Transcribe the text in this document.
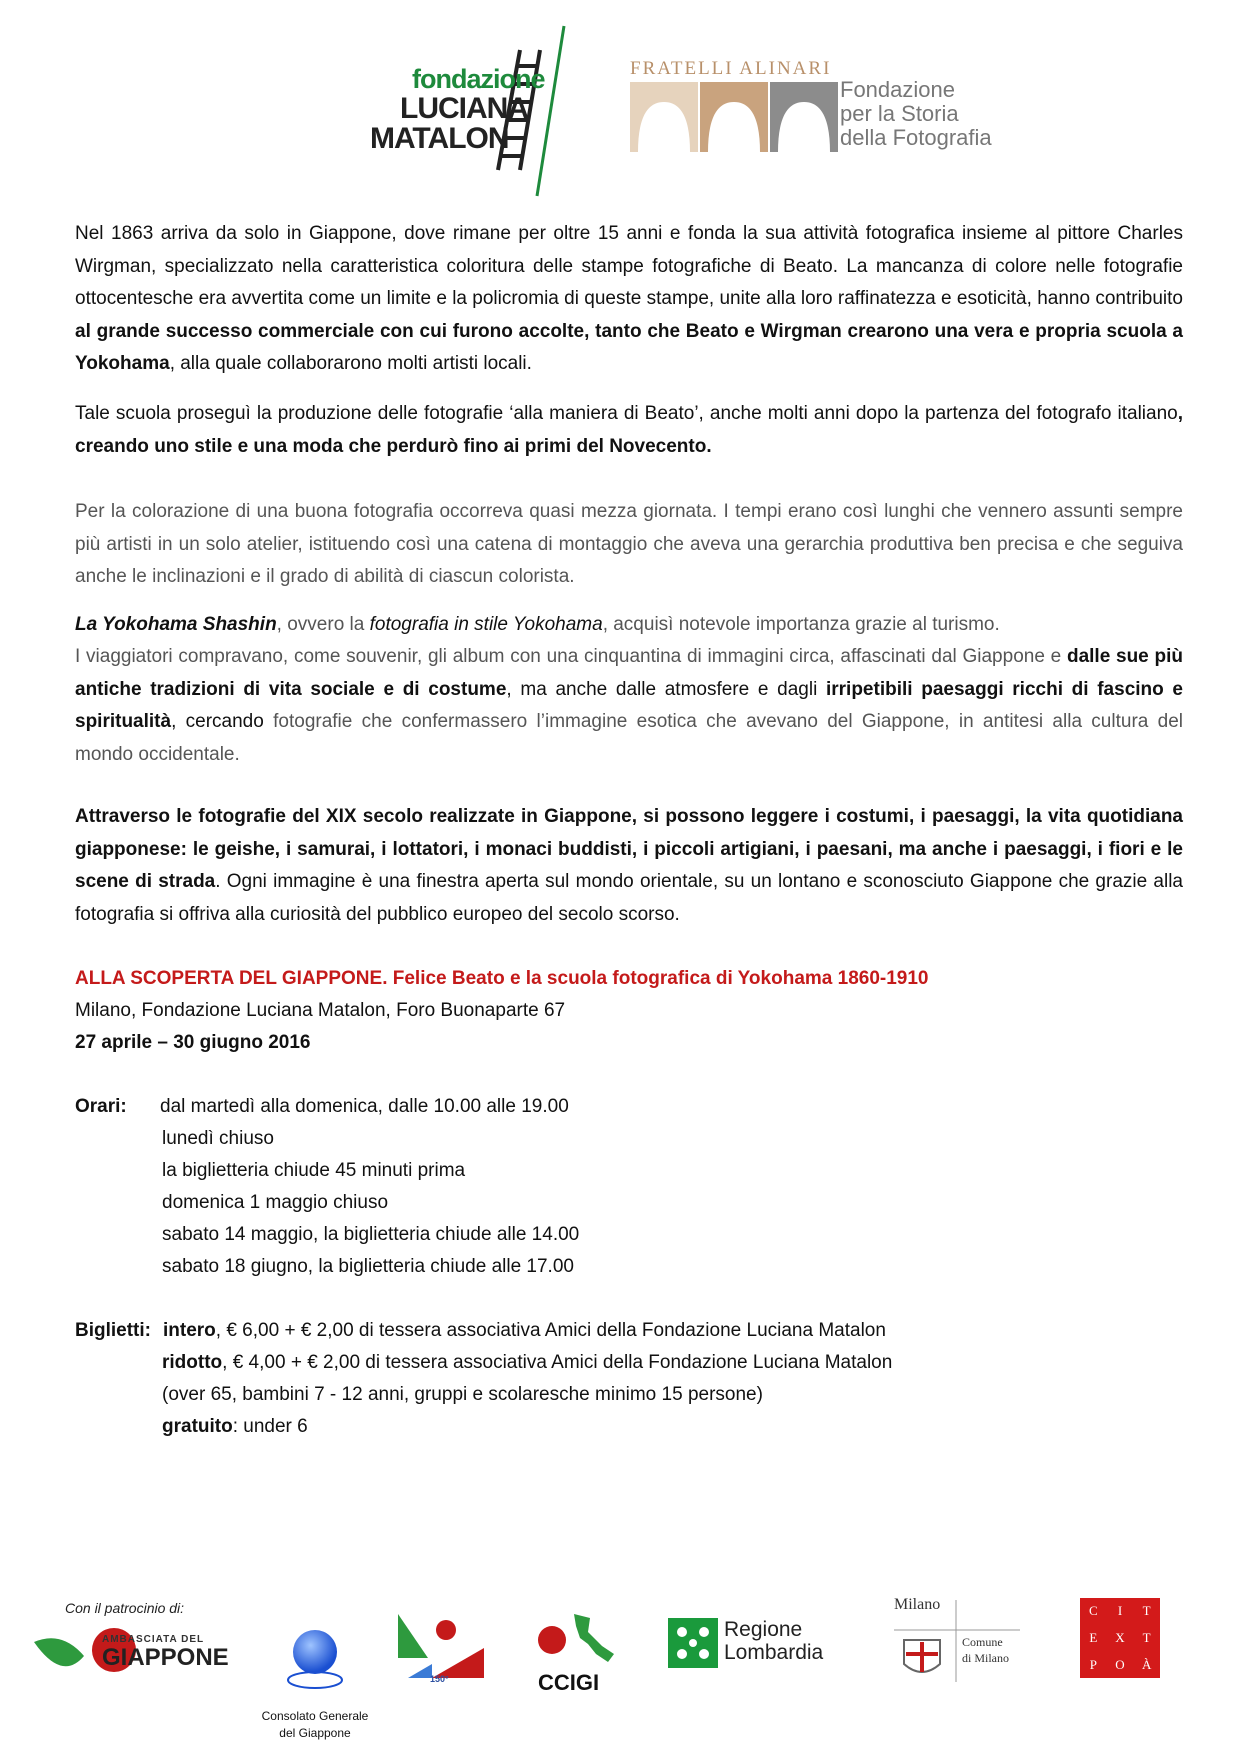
fondazione
LUCIANA
MATALON
FRATELLI ALINARI
Fondazione
per la Storia
della Fotografia
Nel 1863 arriva da solo in Giappone, dove rimane per oltre 15 anni e fonda la sua attività fotografica insieme al pittore Charles Wirgman, specializzato nella caratteristica coloritura delle stampe fotografiche di Beato. La mancanza di colore nelle fotografie ottocentesche era avvertita come un limite e la policromia di queste stampe, unite alla loro raffinatezza e esoticità, hanno contribuito al grande successo commerciale con cui furono accolte, tanto che Beato e Wirgman crearono una vera e propria scuola a Yokohama, alla quale collaborarono molti artisti locali.
Tale scuola proseguì la produzione delle fotografie ‘alla maniera di Beato’, anche molti anni dopo la partenza del fotografo italiano, creando uno stile e una moda che perdurò fino ai primi del Novecento.
Per la colorazione di una buona fotografia occorreva quasi mezza giornata. I tempi erano così lunghi che vennero assunti sempre più artisti in un solo atelier, istituendo così una catena di montaggio che aveva una gerarchia produttiva ben precisa e che seguiva anche le inclinazioni e il grado di abilità di ciascun colorista.
La Yokohama Shashin, ovvero la fotografia in stile Yokohama, acquisì notevole importanza grazie al turismo.
I viaggiatori compravano, come souvenir, gli album con una cinquantina di immagini circa, affascinati dal Giappone e dalle sue più antiche tradizioni di vita sociale e di costume, ma anche dalle atmosfere e dagli irripetibili paesaggi ricchi di fascino e spiritualità, cercando fotografie che confermassero l’immagine esotica che avevano del Giappone, in antitesi alla cultura del mondo occidentale.
Attraverso le fotografie del XIX secolo realizzate in Giappone, si possono leggere i costumi, i paesaggi, la vita quotidiana giapponese: le geishe, i samurai, i lottatori, i monaci buddisti, i piccoli artigiani, i paesani, ma anche i paesaggi, i fiori e le scene di strada. Ogni immagine è una finestra aperta sul mondo orientale, su un lontano e sconosciuto Giappone che grazie alla fotografia si offriva alla curiosità del pubblico europeo del secolo scorso.
ALLA SCOPERTA DEL GIAPPONE. Felice Beato e la scuola fotografica di Yokohama 1860-1910
Milano, Fondazione Luciana Matalon, Foro Buonaparte 67
27 aprile – 30 giugno 2016
Orari: dal martedì alla domenica, dalle 10.00 alle 19.00
lunedì chiuso
la biglietteria chiude 45 minuti prima
domenica 1 maggio chiuso
sabato 14 maggio, la biglietteria chiude alle 14.00
sabato 18 giugno, la biglietteria chiude alle 17.00
Biglietti: intero, € 6,00 + € 2,00 di tessera associativa Amici della Fondazione Luciana Matalon
ridotto, € 4,00 + € 2,00 di tessera associativa Amici della Fondazione Luciana Matalon
(over 65, bambini 7 - 12 anni, gruppi e scolaresche minimo 15 persone)
gratuito: under 6
Con il patrocinio di:
AMBASCIATA DEL
GIAPPONE
Consolato Generale
del Giappone
150°	CCIGI
Regione
Lombardia
Milano
Comune
di Milano
C	I	T
E	X	T
P	O	À
